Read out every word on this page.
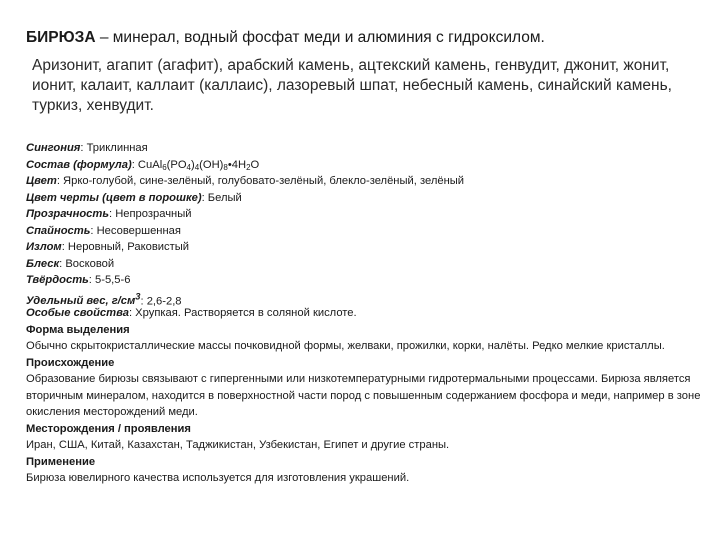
БИРЮЗА – минерал, водный фосфат меди и алюминия с гидроксилом.
Аризонит, агапит (агафит), арабский камень, ацтекский камень, генвудит, джонит, жонит, ионит, калаит, каллаит (каллаис), лазоревый шпат, небесный камень, синайский камень, туркиз, хенвудит.
Сингония: Триклинная
Состав (формула): $CuAl_6(PO_4)_4(OH)_8•4H_2O$
Цвет: Ярко-голубой, сине-зелёный, голубовато-зелёный, блекло-зелёный, зелёный
Цвет черты (цвет в порошке): Белый
Прозрачность: Непрозрачный
Спайность: Несовершенная
Излом: Неровный, Раковистый
Блеск: Восковой
Твёрдость: 5-5,5-6
Удельный вес, $г/см^3$: 2,6-2,8
Особые свойства: Хрупкая. Растворяется в соляной кислоте.
Форма выделения
Обычно скрытокристаллические массы почковидной формы, желваки, прожилки, корки, налёты. Редко мелкие кристаллы.
Происхождение
Образование бирюзы связывают с гипергенными или низкотемпературными гидротермальными процессами. Бирюза является вторичным минералом, находится в поверхностной части пород с повышенным содержанием фосфора и меди, например в зоне окисления месторождений меди.
Месторождения / проявления
Иран, США, Китай, Казахстан, Таджикистан, Узбекистан, Египет и другие страны.
Применение
Бирюза ювелирного качества используется для изготовления украшений.
